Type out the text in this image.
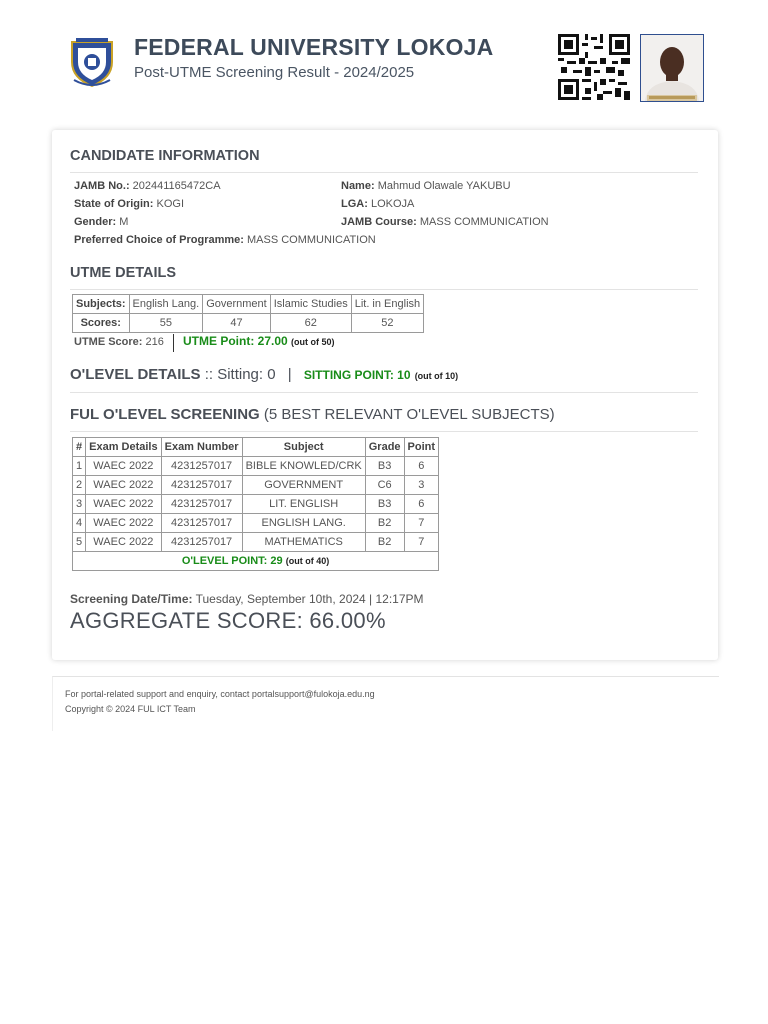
FEDERAL UNIVERSITY LOKOJA
Post-UTME Screening Result - 2024/2025
CANDIDATE INFORMATION
JAMB No.: 202441165472CA	Name: Mahmud Olawale YAKUBU
State of Origin: KOGI	LGA: LOKOJA
Gender: M	JAMB Course: MASS COMMUNICATION
Preferred Choice of Programme: MASS COMMUNICATION
UTME DETAILS
Subjects:	English Lang.	Government	Islamic Studies	Lit. in English
Scores:	55	47	62	52
UTME Score: 216 UTME Point: 27.00 (out of 50)
O'LEVEL DETAILS :: Sitting: 0 | SITTING POINT: 10 (out of 10)
FUL O'LEVEL SCREENING (5 BEST RELEVANT O'LEVEL SUBJECTS)
#	Exam Details	Exam Number	Subject	Grade	Point
1	WAEC 2022	4231257017	BIBLE KNOWLED/CRK	B3	6
2	WAEC 2022	4231257017	GOVERNMENT	C6	3
3	WAEC 2022	4231257017	LIT. ENGLISH	B3	6
4	WAEC 2022	4231257017	ENGLISH LANG.	B2	7
5	WAEC 2022	4231257017	MATHEMATICS	B2	7
O'LEVEL POINT: 29 (out of 40)					
Screening Date/Time: Tuesday, September 10th, 2024 | 12:17PM
AGGREGATE SCORE: 66.00%
For portal-related support and enquiry, contact portalsupport@fulokoja.edu.ng
Copyright © 2024 FUL ICT Team
